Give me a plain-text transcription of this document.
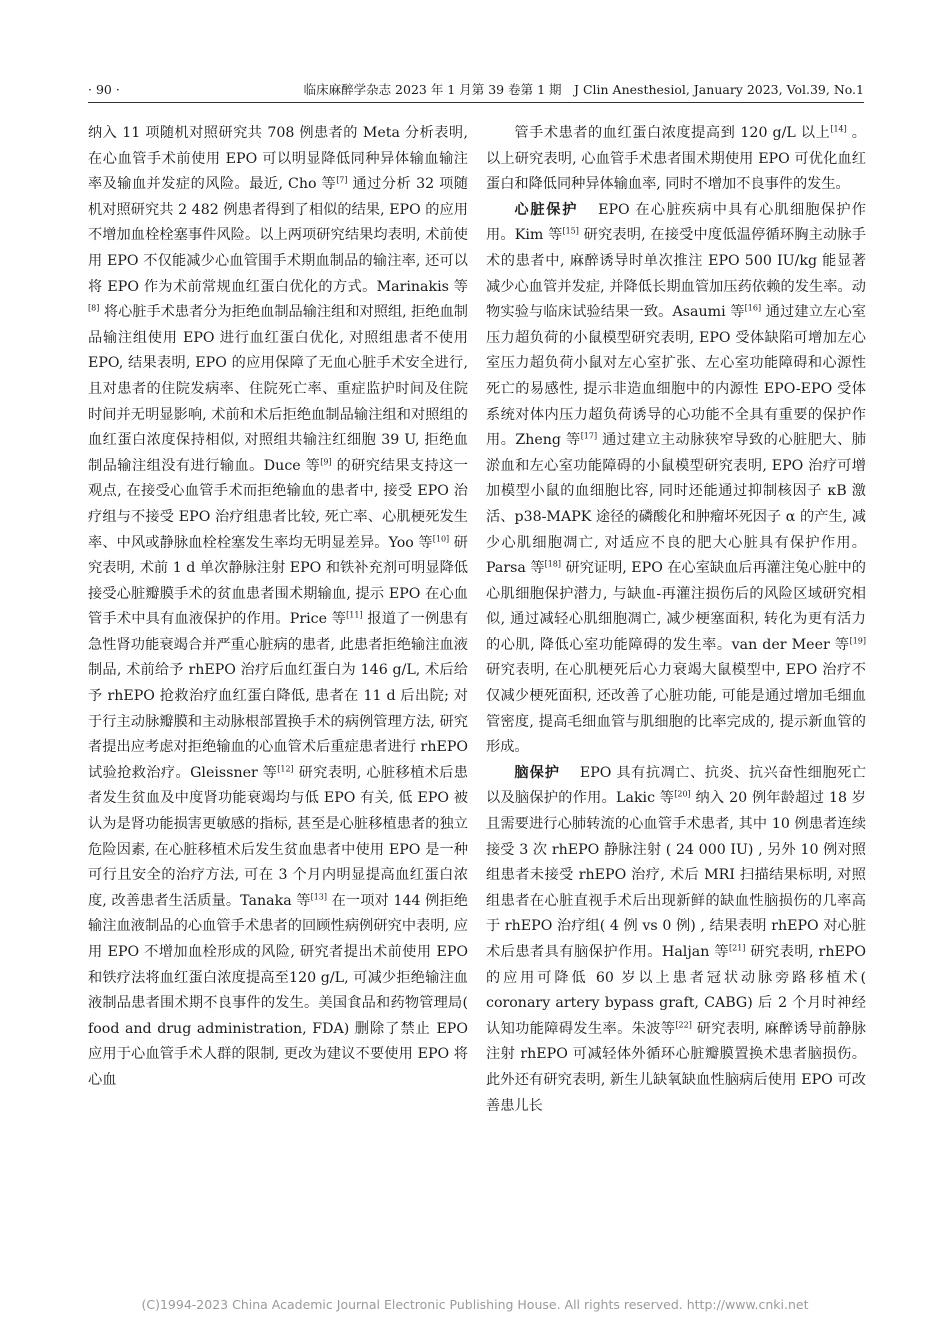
· 90 ·	临床麻醉学杂志 2023 年 1 月第 39 卷第 1 期　J Clin Anesthesiol, January 2023, Vol.39, No.1

纳入 11 项随机对照研究共 708 例患者的 Meta 分析表明, 在心血管手术前使用 EPO 可以明显降低同种异体输血输注率及输血并发症的风险。最近, Cho 等[7] 通过分析 32 项随机对照研究共 2 482 例患者得到了相似的结果, EPO 的应用不增加血栓栓塞事件风险。以上两项研究结果均表明, 术前使用 EPO 不仅能减少心血管围手术期血制品的输注率, 还可以将 EPO 作为术前常规血红蛋白优化的方式。Marinakis 等[8] 将心脏手术患者分为拒绝血制品输注组和对照组, 拒绝血制品输注组使用 EPO 进行血红蛋白优化, 对照组患者不使用 EPO, 结果表明, EPO 的应用保障了无血心脏手术安全进行, 且对患者的住院发病率、住院死亡率、重症监护时间及住院时间并无明显影响, 术前和术后拒绝血制品输注组和对照组的血红蛋白浓度保持相似, 对照组共输注红细胞 39 U, 拒绝血制品输注组没有进行输血。Duce 等[9] 的研究结果支持这一观点, 在接受心血管手术而拒绝输血的患者中, 接受 EPO 治疗组与不接受 EPO 治疗组患者比较, 死亡率、心肌梗死发生率、中风或静脉血栓栓塞发生率均无明显差异。Yoo 等[10] 研究表明, 术前 1 d 单次静脉注射 EPO 和铁补充剂可明显降低接受心脏瓣膜手术的贫血患者围术期输血, 提示 EPO 在心血管手术中具有血液保护的作用。Price 等[11] 报道了一例患有急性肾功能衰竭合并严重心脏病的患者, 此患者拒绝输注血液制品, 术前给予 rhEPO 治疗后血红蛋白为 146 g/L, 术后给予 rhEPO 抢救治疗血红蛋白降低, 患者在 11 d 后出院; 对于行主动脉瓣膜和主动脉根部置换手术的病例管理方法, 研究者提出应考虑对拒绝输血的心血管术后重症患者进行 rhEPO 试验抢救治疗。Gleissner 等[12] 研究表明, 心脏移植术后患者发生贫血及中度肾功能衰竭均与低 EPO 有关, 低 EPO 被认为是肾功能损害更敏感的指标, 甚至是心脏移植患者的独立危险因素, 在心脏移植术后发生贫血患者中使用 EPO 是一种可行且安全的治疗方法, 可在 3 个月内明显提高血红蛋白浓度, 改善患者生活质量。Tanaka 等[13] 在一项对 144 例拒绝输注血液制品的心血管手术患者的回顾性病例研究中表明, 应用 EPO 不增加血栓形成的风险, 研究者提出术前使用 EPO 和铁疗法将血红蛋白浓度提高至120 g/L, 可减少拒绝输注血液制品患者围术期不良事件的发生。美国食品和药物管理局( food and drug administration, FDA) 删除了禁止 EPO 应用于心血管手术人群的限制, 更改为建议不要使用 EPO 将心血

管手术患者的血红蛋白浓度提高到 120 g/L 以上[14] 。以上研究表明, 心血管手术患者围术期使用 EPO 可优化血红蛋白和降低同种异体输血率, 同时不增加不良事件的发生。

心脏保护 EPO 在心脏疾病中具有心肌细胞保护作用。Kim 等[15] 研究表明, 在接受中度低温停循环胸主动脉手术的患者中, 麻醉诱导时单次推注 EPO 500 IU/kg 能显著减少心血管并发症, 并降低长期血管加压药依赖的发生率。动物实验与临床试验结果一致。Asaumi 等[16] 通过建立左心室压力超负荷的小鼠模型研究表明, EPO 受体缺陷可增加左心室压力超负荷小鼠对左心室扩张、左心室功能障碍和心源性死亡的易感性, 提示非造血细胞中的内源性 EPO-EPO 受体系统对体内压力超负荷诱导的心功能不全具有重要的保护作用。Zheng 等[17] 通过建立主动脉狭窄导致的心脏肥大、肺淤血和左心室功能障碍的小鼠模型研究表明, EPO 治疗可增加模型小鼠的血细胞比容, 同时还能通过抑制核因子 κB 激活、p38-MAPK 途径的磷酸化和肿瘤坏死因子 α 的产生, 减少心肌细胞凋亡, 对适应不良的肥大心脏具有保护作用。Parsa 等[18] 研究证明, EPO 在心室缺血后再灌注兔心脏中的心肌细胞保护潜力, 与缺血-再灌注损伤后的风险区域研究相似, 通过减轻心肌细胞凋亡, 减少梗塞面积, 转化为更有活力的心肌, 降低心室功能障碍的发生率。van der Meer 等[19] 研究表明, 在心肌梗死后心力衰竭大鼠模型中, EPO 治疗不仅减少梗死面积, 还改善了心脏功能, 可能是通过增加毛细血管密度, 提高毛细血管与肌细胞的比率完成的, 提示新血管的形成。

脑保护 EPO 具有抗凋亡、抗炎、抗兴奋性细胞死亡以及脑保护的作用。Lakic 等[20] 纳入 20 例年龄超过 18 岁且需要进行心肺转流的心血管手术患者, 其中 10 例患者连续接受 3 次 rhEPO 静脉注射 ( 24 000 IU) , 另外 10 例对照组患者未接受 rhEPO 治疗, 术后 MRI 扫描结果标明, 对照组患者在心脏直视手术后出现新鲜的缺血性脑损伤的几率高于 rhEPO 治疗组( 4 例 vs 0 例) , 结果表明 rhEPO 对心脏术后患者具有脑保护作用。Haljan 等[21] 研究表明, rhEPO 的应用可降低 60 岁以上患者冠状动脉旁路移植术( coronary artery bypass graft, CABG) 后 2 个月时神经认知功能障碍发生率。朱波等[22] 研究表明, 麻醉诱导前静脉注射 rhEPO 可减轻体外循环心脏瓣膜置换术患者脑损伤。此外还有研究表明, 新生儿缺氧缺血性脑病后使用 EPO 可改善患儿长

(C)1994-2023 China Academic Journal Electronic Publishing House. All rights reserved. http://www.cnki.net
